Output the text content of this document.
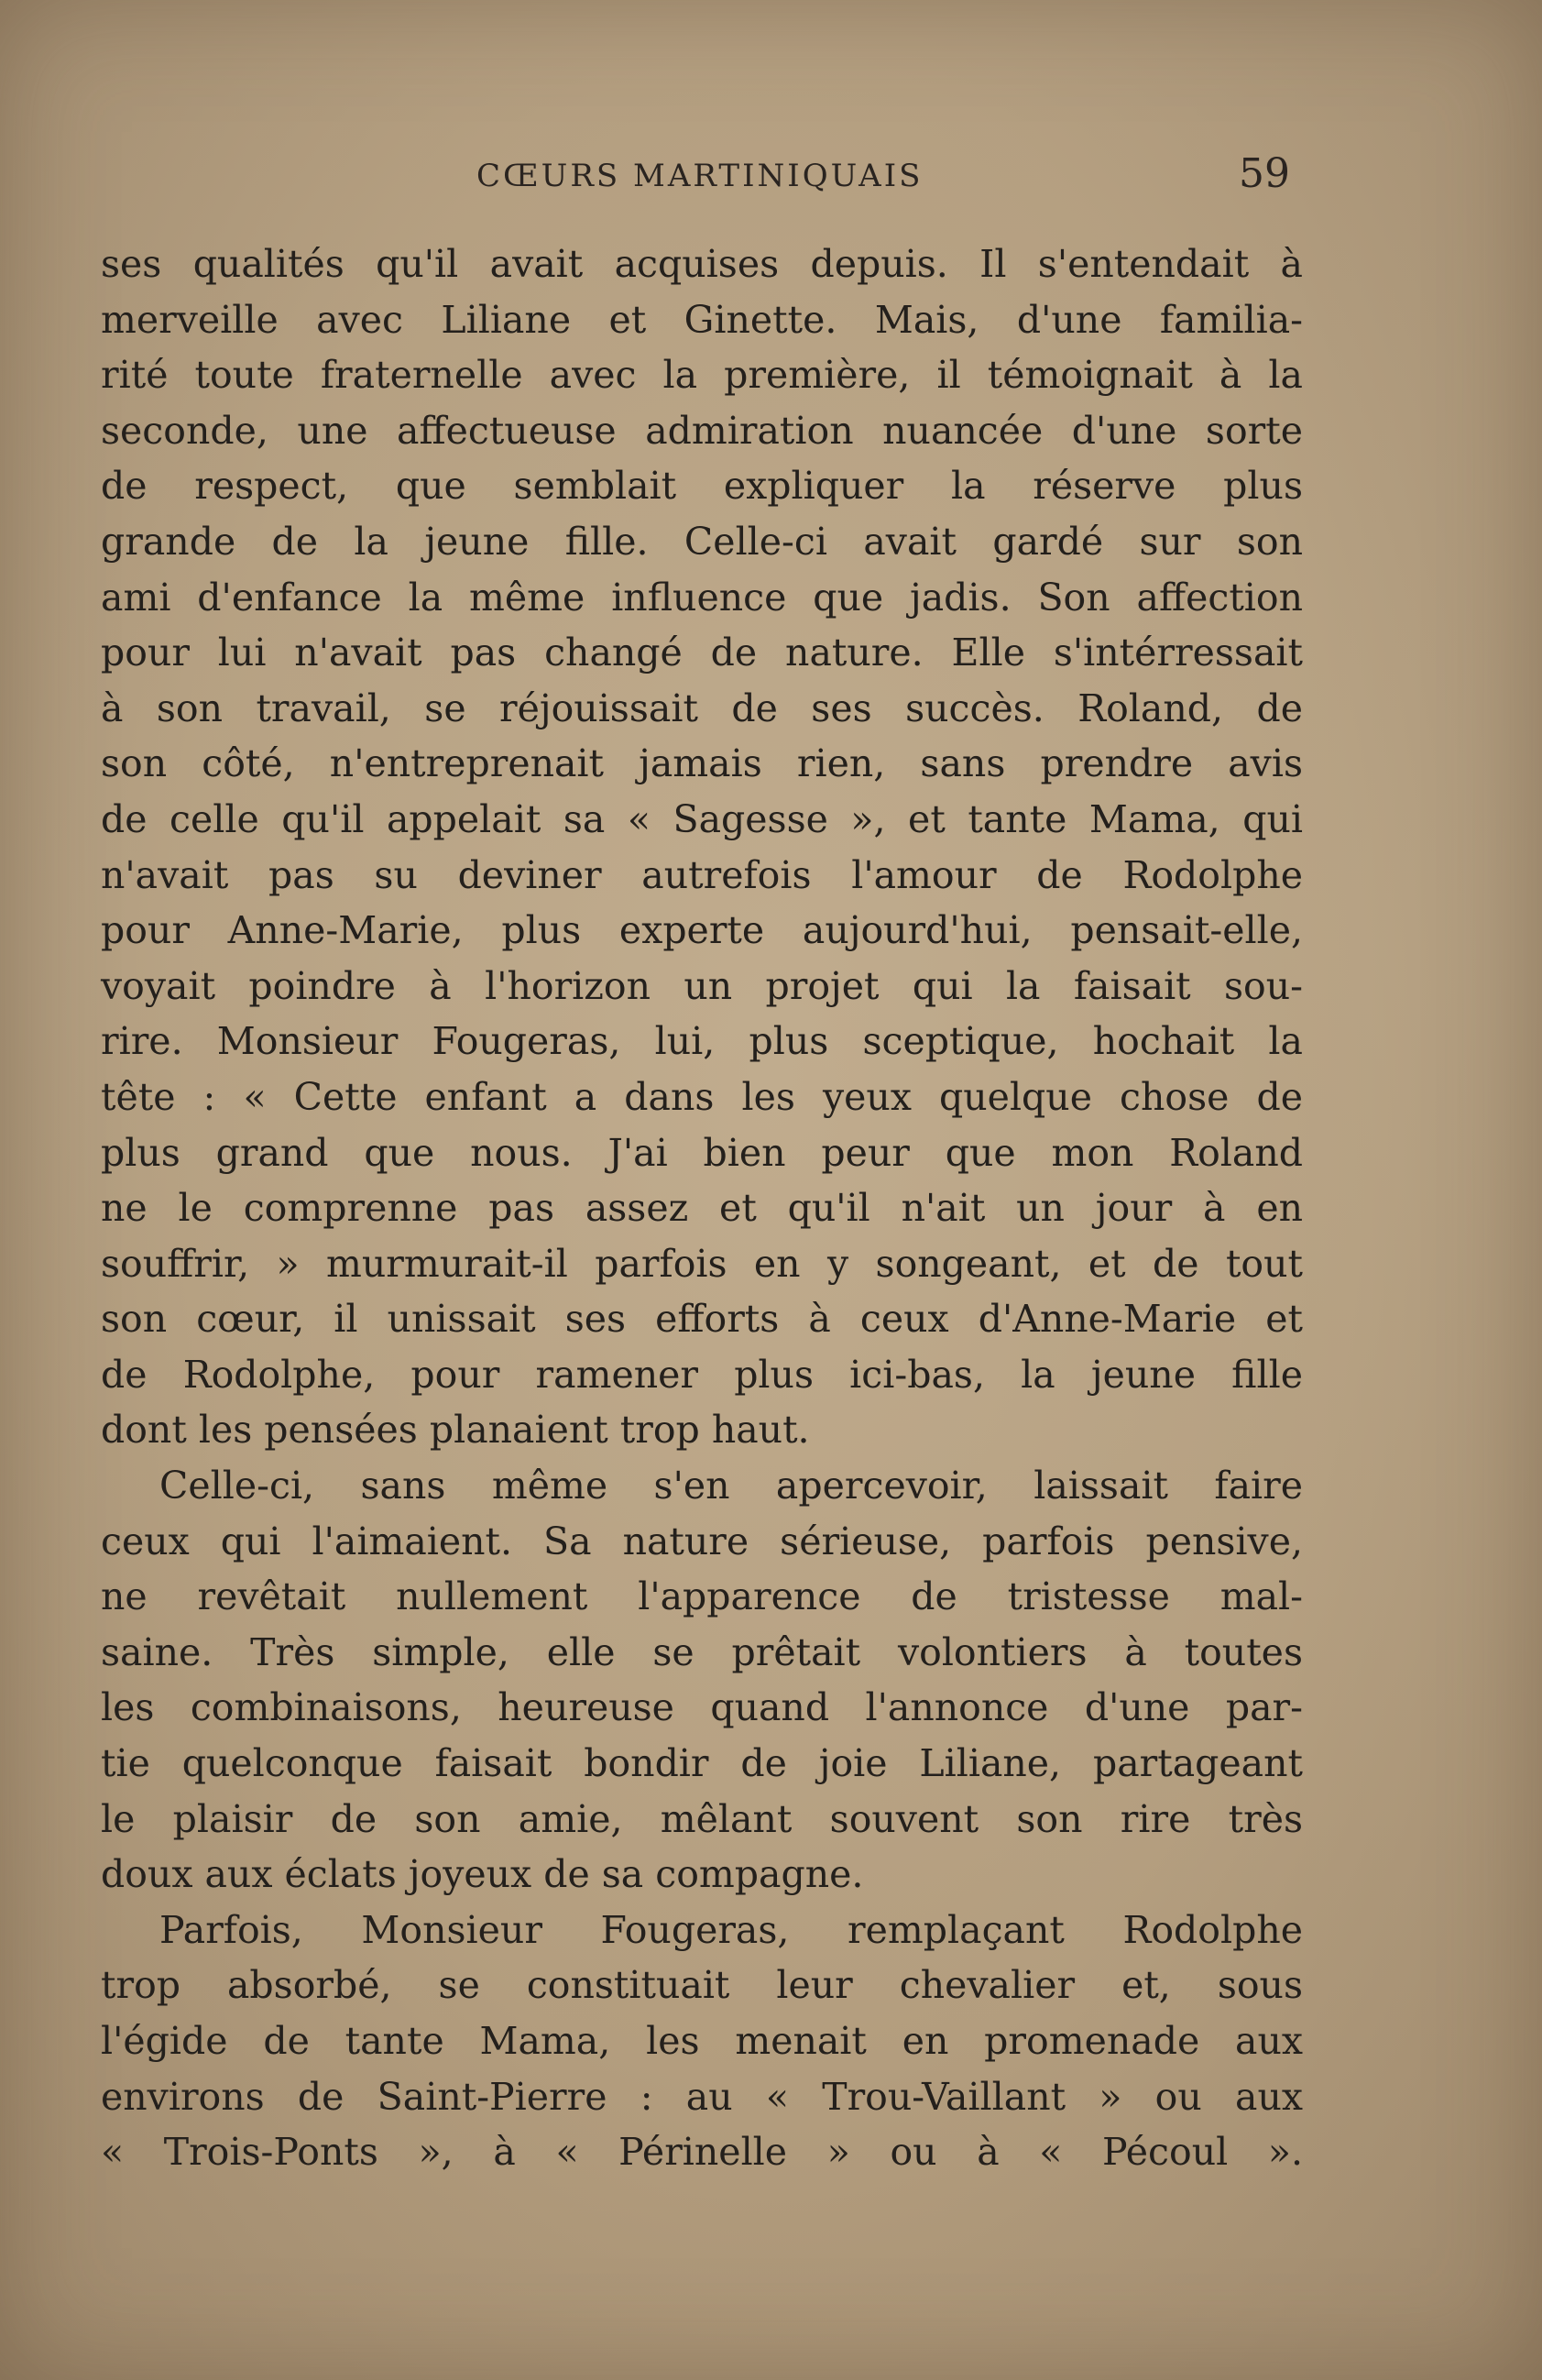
CŒURS MARTINIQUAIS	59
ses qualités qu'il avait acquises depuis. Il s'entendait à
merveille avec Liliane et Ginette. Mais, d'une familia-
rité toute fraternelle avec la première, il témoignait à la
seconde, une affectueuse admiration nuancée d'une sorte
de respect, que semblait expliquer la réserve plus
grande de la jeune fille. Celle-ci avait gardé sur son
ami d'enfance la même influence que jadis. Son affection
pour lui n'avait pas changé de nature. Elle s'intérressait
à son travail, se réjouissait de ses succès. Roland, de
son côté, n'entreprenait jamais rien, sans prendre avis
de celle qu'il appelait sa « Sagesse », et tante Mama, qui
n'avait pas su deviner autrefois l'amour de Rodolphe
pour Anne-Marie, plus experte aujourd'hui, pensait-elle,
voyait poindre à l'horizon un projet qui la faisait sou-
rire. Monsieur Fougeras, lui, plus sceptique, hochait la
tête : « Cette enfant a dans les yeux quelque chose de
plus grand que nous. J'ai bien peur que mon Roland
ne le comprenne pas assez et qu'il n'ait un jour à en
souffrir, » murmurait-il parfois en y songeant, et de tout
son cœur, il unissait ses efforts à ceux d'Anne-Marie et
de Rodolphe, pour ramener plus ici-bas, la jeune fille
dont les pensées planaient trop haut.
Celle-ci, sans même s'en apercevoir, laissait faire
ceux qui l'aimaient. Sa nature sérieuse, parfois pensive,
ne revêtait nullement l'apparence de tristesse mal-
saine. Très simple, elle se prêtait volontiers à toutes
les combinaisons, heureuse quand l'annonce d'une par-
tie quelconque faisait bondir de joie Liliane, partageant
le plaisir de son amie, mêlant souvent son rire très
doux aux éclats joyeux de sa compagne.
Parfois, Monsieur Fougeras, remplaçant Rodolphe
trop absorbé, se constituait leur chevalier et, sous
l'égide de tante Mama, les menait en promenade aux
environs de Saint-Pierre : au « Trou-Vaillant » ou aux
« Trois-Ponts », à « Périnelle » ou à « Pécoul ».
